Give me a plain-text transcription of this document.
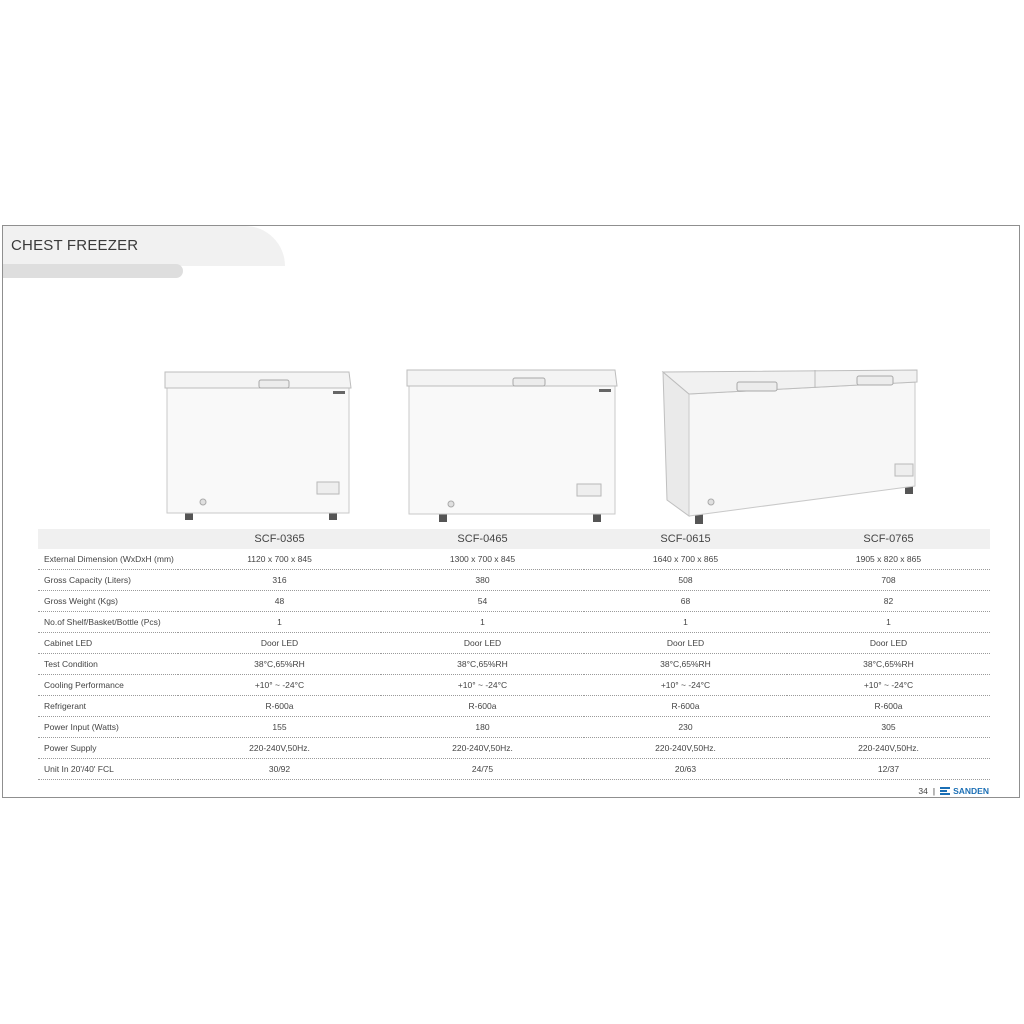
CHEST FREEZER
	SCF-0365	SCF-0465	SCF-0615	SCF-0765
External Dimension (WxDxH (mm)	1120 x 700 x 845	1300 x 700 x 845	1640 x 700 x 865	1905 x 820 x 865
Gross Capacity (Liters)	316	380	508	708
Gross Weight (Kgs)	48	54	68	82
No.of Shelf/Basket/Bottle (Pcs)	1	1	1	1
Cabinet LED	Door LED	Door LED	Door LED	Door LED
Test Condition	38°C,65%RH	38°C,65%RH	38°C,65%RH	38°C,65%RH
Cooling Performance	+10° ~ -24°C	+10° ~ -24°C	+10° ~ -24°C	+10° ~ -24°C
Refrigerant	R-600a	R-600a	R-600a	R-600a
Power Input (Watts)	155	180	230	305
Power Supply	220-240V,50Hz.	220-240V,50Hz.	220-240V,50Hz.	220-240V,50Hz.
Unit In 20'/40' FCL	30/92	24/75	20/63	12/37
34 | SANDEN
